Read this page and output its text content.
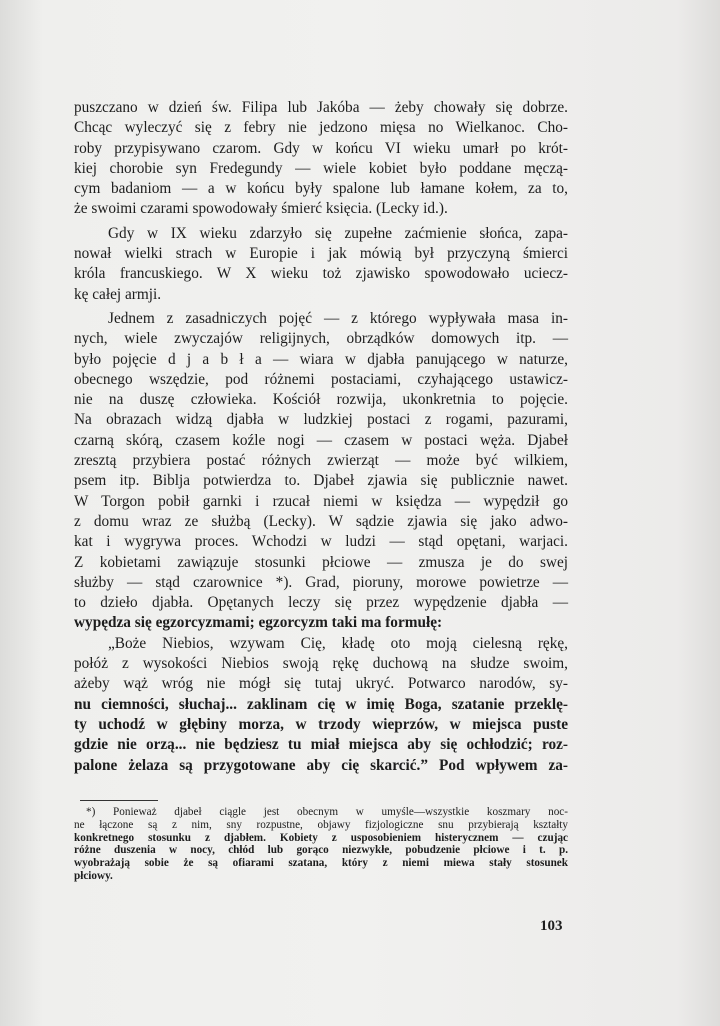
puszczano w dzień św. Filipa lub Jakóba — żeby chowały się dobrze.
Chcąc wyleczyć się z febry nie jedzono mięsa no Wielkanoc. Cho-
roby przypisywano czarom. Gdy w końcu VI wieku umarł po krót-
kiej chorobie syn Fredegundy — wiele kobiet było poddane męczą-
cym badaniom — a w końcu były spalone lub łamane kołem, za to,
że swoimi czarami spowodowały śmierć księcia. (Lecky id.).
Gdy w IX wieku zdarzyło się zupełne zaćmienie słońca, zapa-
nował wielki strach w Europie i jak mówią był przyczyną śmierci
króla francuskiego. W X wieku toż zjawisko spowodowało uciecz-
kę całej armji.
Jednem z zasadniczych pojęć — z którego wypływała masa in-
nych, wiele zwyczajów religijnych, obrządków domowych itp. —
było pojęcie d j a b ł a — wiara w djabła panującego w naturze,
obecnego wszędzie, pod różnemi postaciami, czyhającego ustawicz-
nie na duszę człowieka. Kościół rozwija, ukonkretnia to pojęcie.
Na obrazach widzą djabła w ludzkiej postaci z rogami, pazurami,
czarną skórą, czasem koźle nogi — czasem w postaci węża. Djabeł
zresztą przybiera postać różnych zwierząt — może być wilkiem,
psem itp. Biblja potwierdza to. Djabeł zjawia się publicznie nawet.
W Torgon pobił garnki i rzucał niemi w księdza — wypędził go
z domu wraz ze służbą (Lecky). W sądzie zjawia się jako adwo-
kat i wygrywa proces. Wchodzi w ludzi — stąd opętani, warjaci.
Z kobietami zawiązuje stosunki płciowe — zmusza je do swej
służby — stąd czarownice *). Grad, pioruny, morowe powietrze —
to dzieło djabła. Opętanych leczy się przez wypędzenie djabła —
wypędza się egzorcyzmami; egzorcyzm taki ma formułę:
„Boże Niebios, wzywam Cię, kładę oto moją cielesną rękę,
połóż z wysokości Niebios swoją rękę duchową na słudze swoim,
ażeby wąż wróg nie mógł się tutaj ukryć. Potwarco narodów, sy-
nu ciemności, słuchaj... zaklinam cię w imię Boga, szatanie przeklę-
ty uchodź w głębiny morza, w trzody wieprzów, w miejsca puste
gdzie nie orzą... nie będziesz tu miał miejsca aby się ochłodzić; roz-
palone żelaza są przygotowane aby cię skarcić.” Pod wpływem za-
*) Ponieważ djabeł ciągle jest obecnym w umyśle—wszystkie koszmary noc-
ne łączone są z nim, sny rozpustne, objawy fizjologiczne snu przybierają kształty
konkretnego stosunku z djabłem. Kobiety z usposobieniem histerycznem — czując
różne duszenia w nocy, chłód lub gorąco niezwykłe, pobudzenie płciowe i t. p.
wyobrażają sobie że są ofiarami szatana, który z niemi miewa stały stosunek
płciowy.
103
